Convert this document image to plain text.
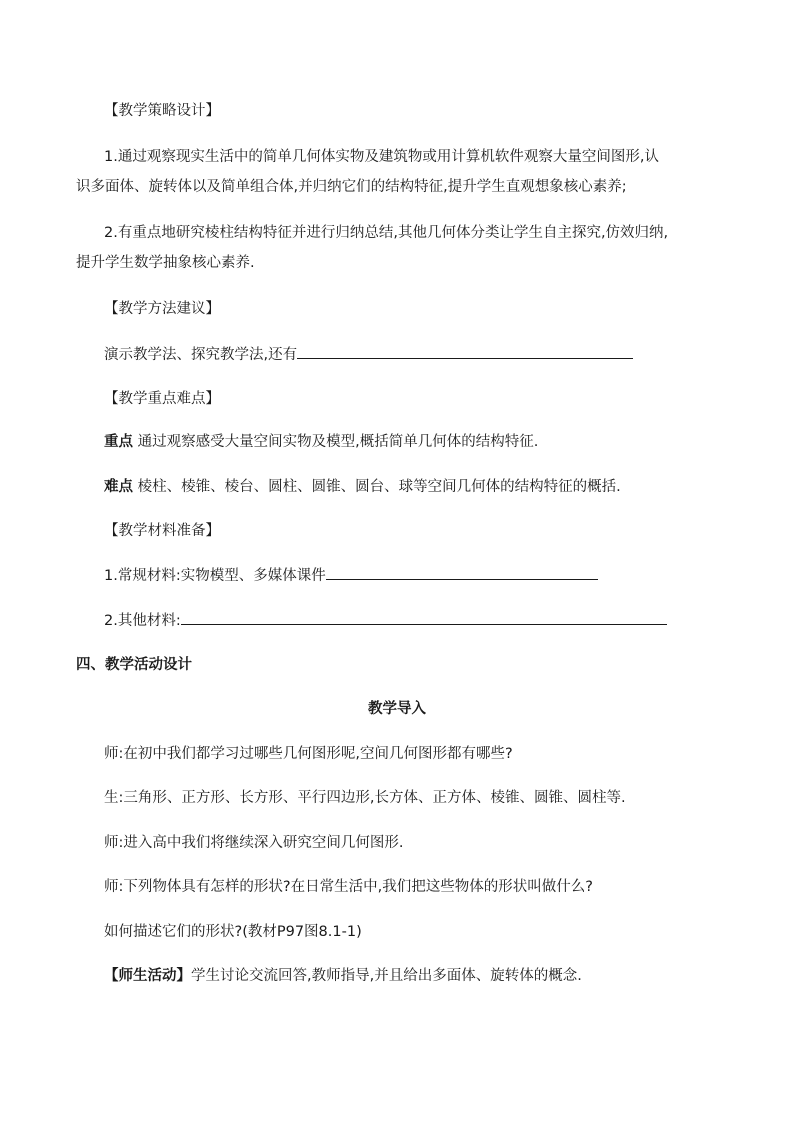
【教学策略设计】
1.通过观察现实生活中的简单几何体实物及建筑物或用计算机软件观察大量空间图形,认
识多面体、旋转体以及简单组合体,并归纳它们的结构特征,提升学生直观想象核心素养;
2.有重点地研究棱柱结构特征并进行归纳总结,其他几何体分类让学生自主探究,仿效归纳,
提升学生数学抽象核心素养.
【教学方法建议】
演示教学法、探究教学法,还有
【教学重点难点】
重点 通过观察感受大量空间实物及模型,概括简单几何体的结构特征.
难点 棱柱、棱锥、棱台、圆柱、圆锥、圆台、球等空间几何体的结构特征的概括.
【教学材料准备】
1.常规材料:实物模型、多媒体课件
2.其他材料:
四、教学活动设计
教学导入
师:在初中我们都学习过哪些几何图形呢,空间几何图形都有哪些?
生:三角形、正方形、长方形、平行四边形,长方体、正方体、棱锥、圆锥、圆柱等.
师:进入高中我们将继续深入研究空间几何图形.
师:下列物体具有怎样的形状?在日常生活中,我们把这些物体的形状叫做什么?
如何描述它们的形状?(教材P97图8.1-1)
【师生活动】学生讨论交流回答,教师指导,并且给出多面体、旋转体的概念.
